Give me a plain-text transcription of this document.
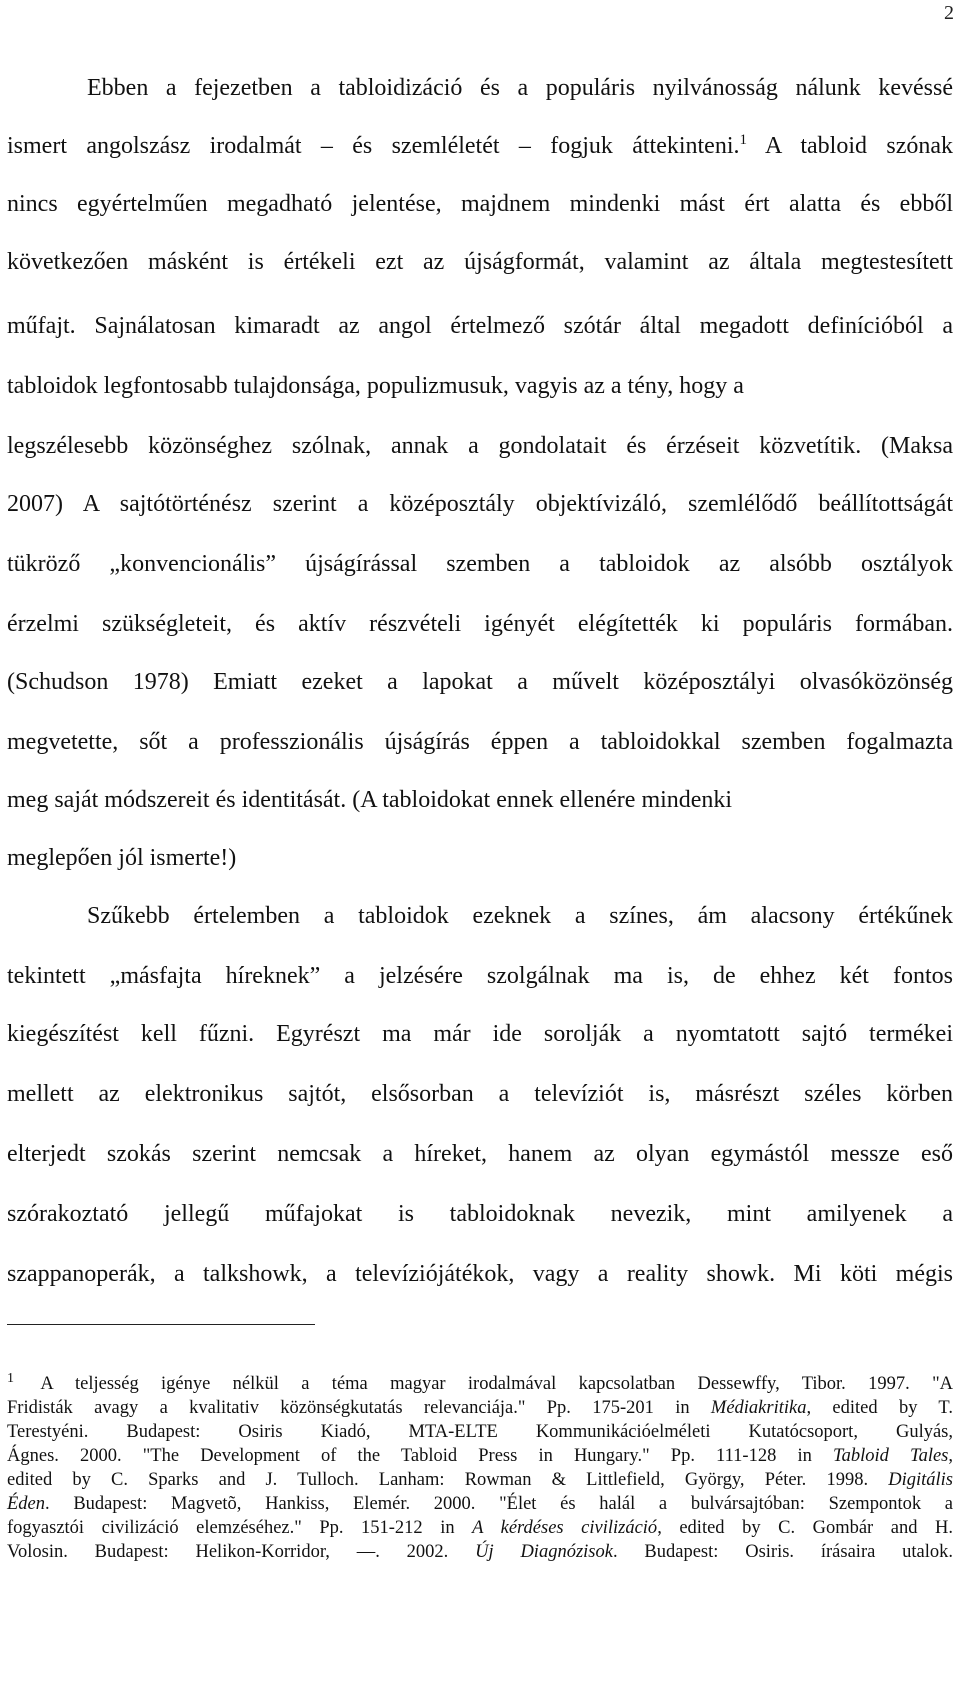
2
Ebben a fejezetben a tabloidizáció és a populáris nyilvánosság nálunk kevéssé
ismert angolszász irodalmát – és szemléletét – fogjuk áttekinteni.$^1$ A tabloid szónak
nincs egyértelműen megadható jelentése, majdnem mindenki mást ért alatta és ebből
következően másként is értékeli ezt az újságformát, valamint az általa megtestesített
műfajt. Sajnálatosan kimaradt az angol értelmező szótár által megadott definícióból a
tabloidok legfontosabb tulajdonsága, populizmusuk, vagyis az a tény, hogy a
legszélesebb közönséghez szólnak, annak a gondolatait és érzéseit közvetítik. (Maksa
2007) A sajtótörténész szerint a középosztály objektívizáló, szemlélődő beállítottságát
tükröző „konvencionális” újságírással szemben a tabloidok az alsóbb osztályok
érzelmi szükségleteit, és aktív részvételi igényét elégítették ki populáris formában.
(Schudson 1978) Emiatt ezeket a lapokat a művelt középosztályi olvasóközönség
megvetette, sőt a professzionális újságírás éppen a tabloidokkal szemben fogalmazta
meg saját módszereit és identitását. (A tabloidokat ennek ellenére mindenki
meglepően jól ismerte!)
Szűkebb értelemben a tabloidok ezeknek a színes, ám alacsony értékűnek
tekintett „másfajta híreknek” a jelzésére szolgálnak ma is, de ehhez két fontos
kiegészítést kell fűzni. Egyrészt ma már ide sorolják a nyomtatott sajtó termékei
mellett az elektronikus sajtót, elsősorban a televíziót is, másrészt széles körben
elterjedt szokás szerint nemcsak a híreket, hanem az olyan egymástól messze eső
szórakoztató jellegű műfajokat is tabloidoknak nevezik, mint amilyenek a
szappanoperák, a talkshowk, a televíziójátékok, vagy a reality showk. Mi köti mégis
$^1$ A teljesség igénye nélkül a téma magyar irodalmával kapcsolatban Dessewffy, Tibor. 1997. "A
Fridisták avagy a kvalitativ közönségkutatás relevanciája." Pp. 175-201 in Médiakritika, edited by T.
Terestyéni. Budapest: Osiris Kiadó, MTA-ELTE Kommunikációelméleti Kutatócsoport, Gulyás,
Ágnes. 2000. "The Development of the Tabloid Press in Hungary." Pp. 111-128 in Tabloid Tales,
edited by C. Sparks and J. Tulloch. Lanham: Rowman & Littlefield, György, Péter. 1998. Digitális
Éden. Budapest: Magvetõ, Hankiss, Elemér. 2000. "Élet és halál a bulvársajtóban: Szempontok a
fogyasztói civilizáció elemzéséhez." Pp. 151-212 in A kérdéses civilizáció, edited by C. Gombár and H.
Volosin. Budapest: Helikon-Korridor, —. 2002. Új Diagnózisok. Budapest: Osiris. írásaira utalok.
